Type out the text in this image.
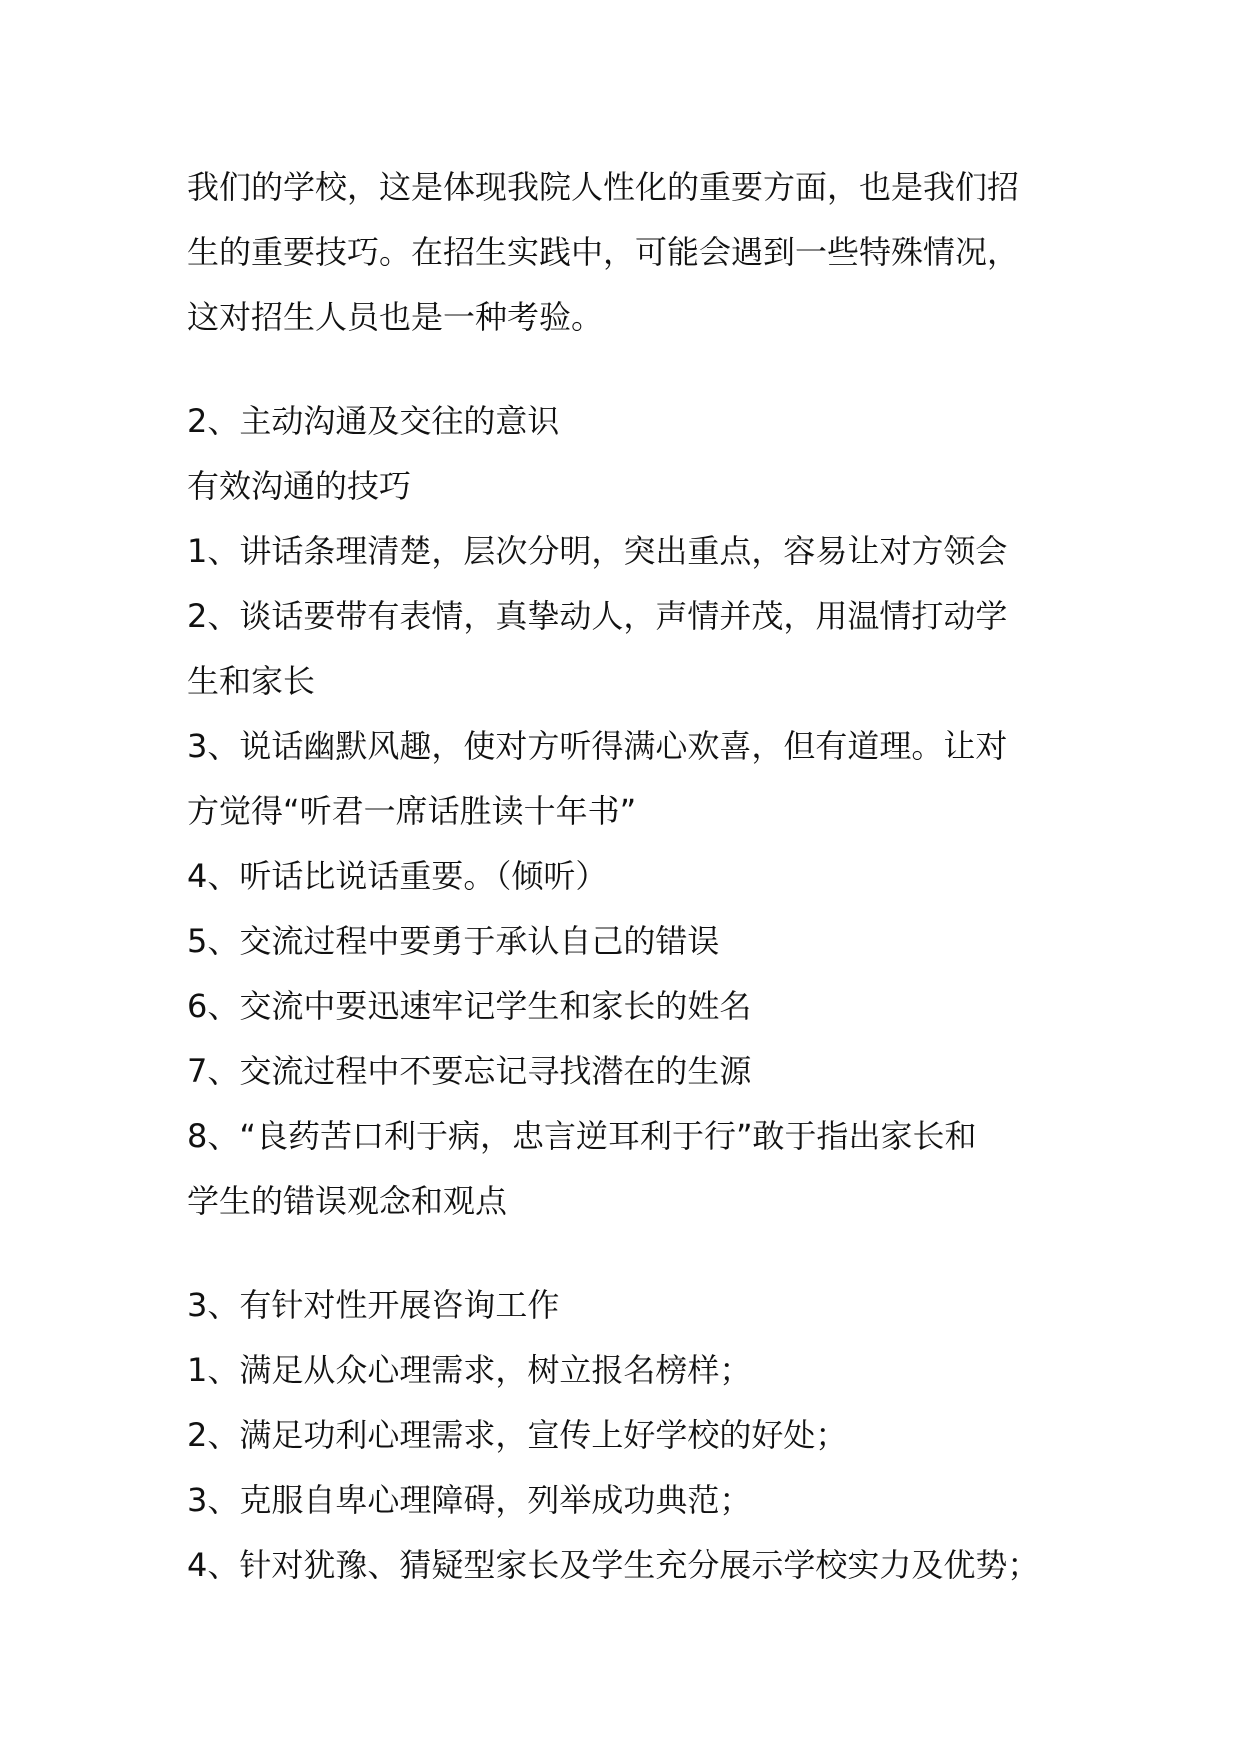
我们的学校，这是体现我院人性化的重要方面，也是我们招

生的重要技巧。在招生实践中，可能会遇到一些特殊情况，

这对招生人员也是一种考验。

2、主动沟通及交往的意识

有效沟通的技巧

1、讲话条理清楚，层次分明，突出重点，容易让对方领会

2、谈话要带有表情，真挚动人，声情并茂，用温情打动学

生和家长

3、说话幽默风趣，使对方听得满心欢喜，但有道理。让对

方觉得“听君一席话胜读十年书”

4、听话比说话重要。（倾听）

5、交流过程中要勇于承认自己的错误

6、交流中要迅速牢记学生和家长的姓名

7、交流过程中不要忘记寻找潜在的生源

8、“良药苦口利于病，忠言逆耳利于行”敢于指出家长和

学生的错误观念和观点

3、有针对性开展咨询工作

1、满足从众心理需求，树立报名榜样；

2、满足功利心理需求，宣传上好学校的好处；

3、克服自卑心理障碍，列举成功典范；

4、针对犹豫、猜疑型家长及学生充分展示学校实力及优势；
